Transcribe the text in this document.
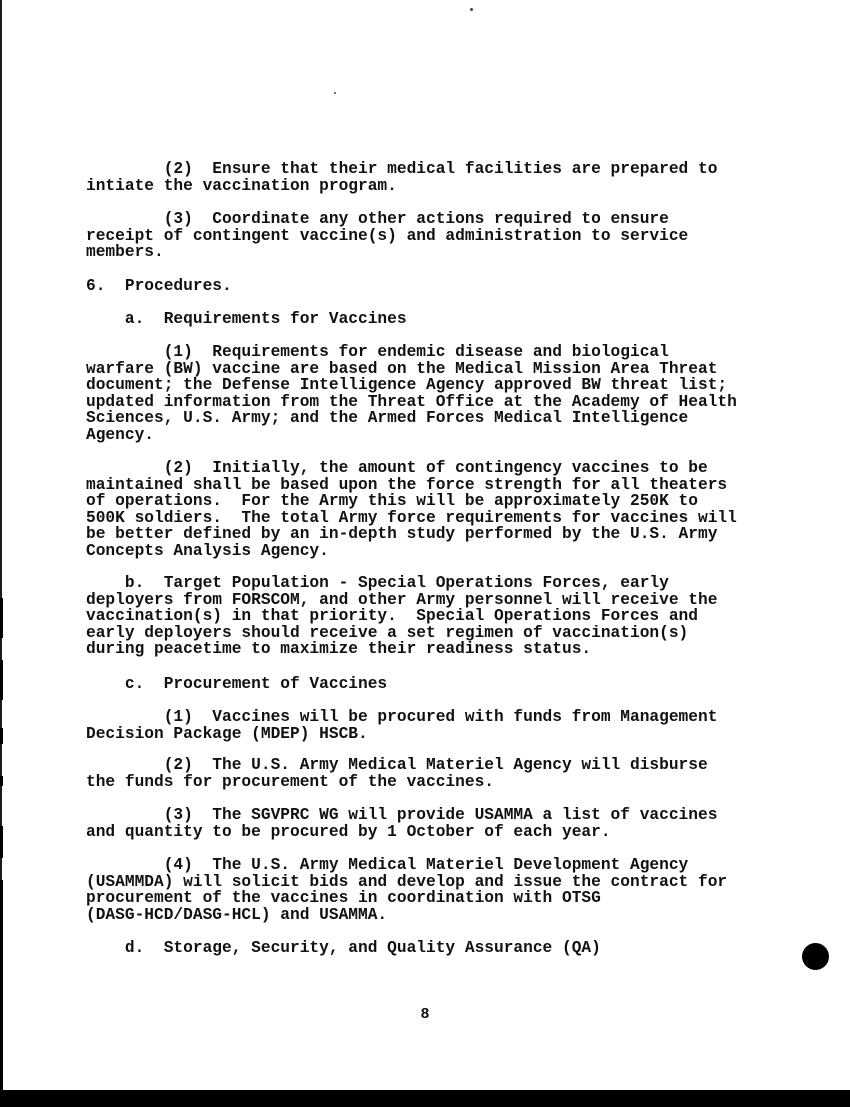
(2)  Ensure that their medical facilities are prepared to
intiate the vaccination program.
(3)  Coordinate any other actions required to ensure
receipt of contingent vaccine(s) and administration to service
members.
6.  Procedures.
a.  Requirements for Vaccines
(1)  Requirements for endemic disease and biological
warfare (BW) vaccine are based on the Medical Mission Area Threat
document; the Defense Intelligence Agency approved BW threat list;
updated information from the Threat Office at the Academy of Health
Sciences, U.S. Army; and the Armed Forces Medical Intelligence
Agency.
(2)  Initially, the amount of contingency vaccines to be
maintained shall be based upon the force strength for all theaters
of operations.  For the Army this will be approximately 250K to
500K soldiers.  The total Army force requirements for vaccines will
be better defined by an in-depth study performed by the U.S. Army
Concepts Analysis Agency.
b.  Target Population - Special Operations Forces, early
deployers from FORSCOM, and other Army personnel will receive the
vaccination(s) in that priority.  Special Operations Forces and
early deployers should receive a set regimen of vaccination(s)
during peacetime to maximize their readiness status.
c.  Procurement of Vaccines
(1)  Vaccines will be procured with funds from Management
Decision Package (MDEP) HSCB.
(2)  The U.S. Army Medical Materiel Agency will disburse
the funds for procurement of the vaccines.
(3)  The SGVPRC WG will provide USAMMA a list of vaccines
and quantity to be procured by 1 October of each year.
(4)  The U.S. Army Medical Materiel Development Agency
(USAMMDA) will solicit bids and develop and issue the contract for
procurement of the vaccines in coordination with OTSG
(DASG-HCD/DASG-HCL) and USAMMA.
d.  Storage, Security, and Quality Assurance (QA)
8
